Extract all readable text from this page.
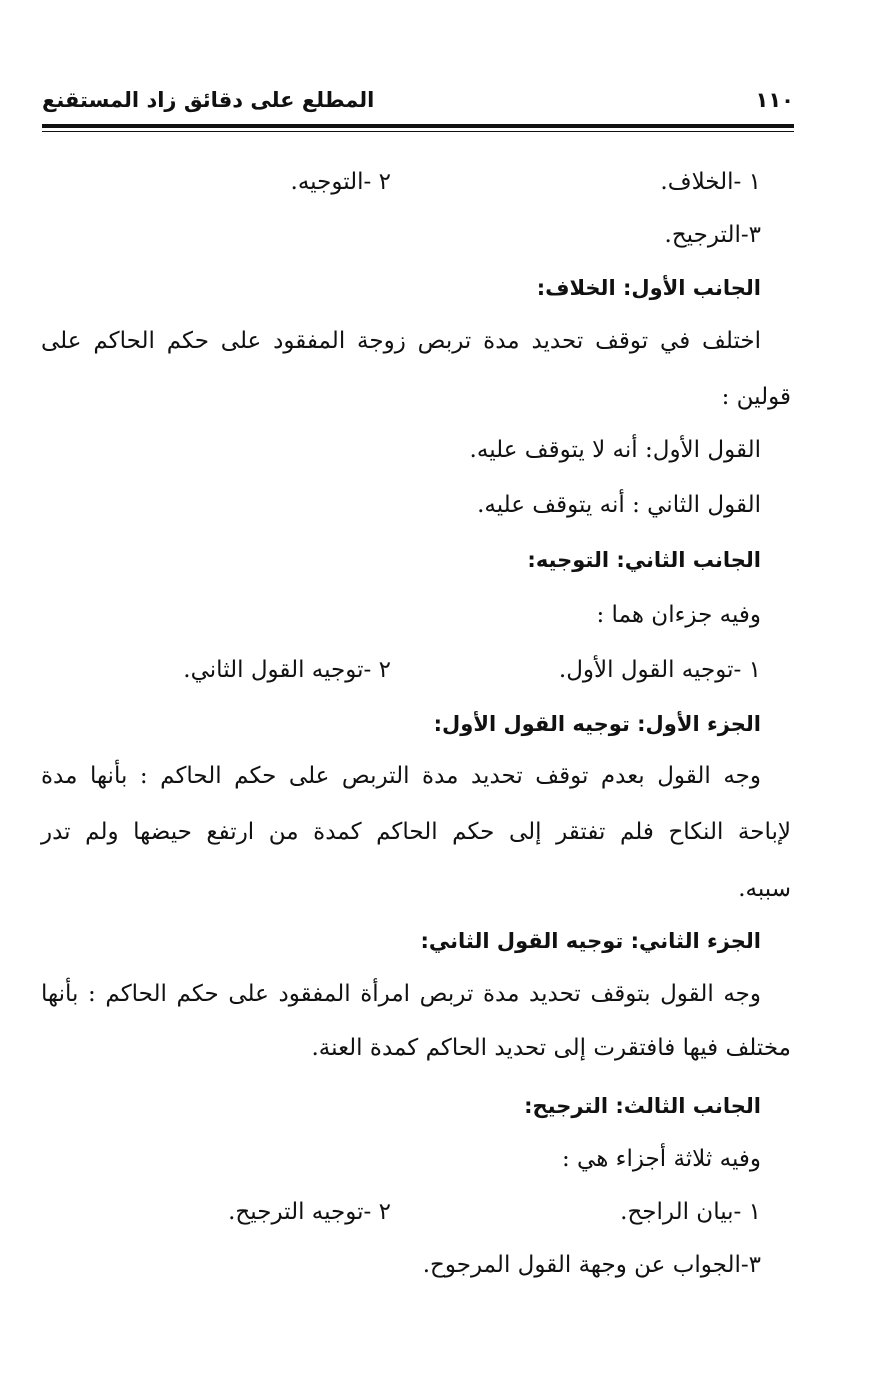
١١٠
المطلع على دقائق زاد المستقنع
١ -الخلاف.
٢ -التوجيه.
٣-الترجيح.
الجانب الأول: الخلاف:
اختلف في توقف تحديد مدة تربص زوجة المفقود على حكم الحاكم على
قولين :
القول الأول: أنه لا يتوقف عليه.
القول الثاني : أنه يتوقف عليه.
الجانب الثاني: التوجيه:
وفيه جزءان هما :
١ -توجيه القول الأول.
٢ -توجيه القول الثاني.
الجزء الأول: توجيه القول الأول:
وجه القول بعدم توقف تحديد مدة التربص على حكم الحاكم : بأنها مدة
لإباحة النكاح فلم تفتقر إلى حكم الحاكم كمدة من ارتفع حيضها ولم تدر
سببه.
الجزء الثاني: توجيه القول الثاني:
وجه القول بتوقف تحديد مدة تربص امرأة المفقود على حكم الحاكم : بأنها
مختلف فيها فافتقرت إلى تحديد الحاكم كمدة العنة.
الجانب الثالث: الترجيح:
وفيه ثلاثة أجزاء هي :
١ -بيان الراجح.
٢ -توجيه الترجيح.
٣-الجواب عن وجهة القول المرجوح.
